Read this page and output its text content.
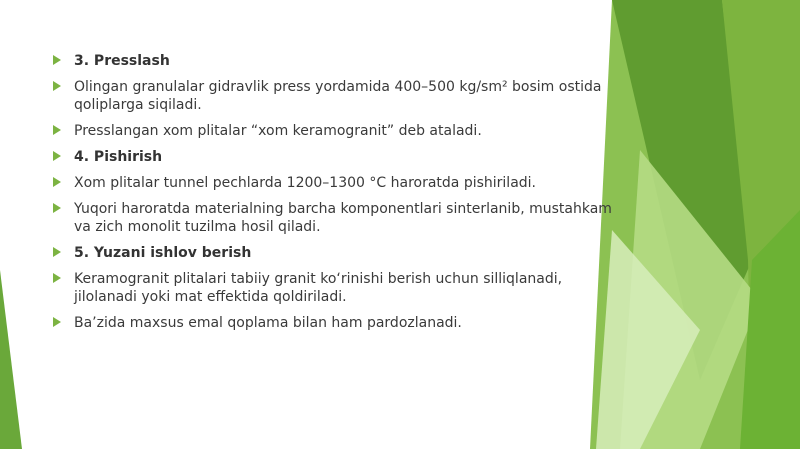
3. Presslash
Olingan granulalar gidravlik press yordamida 400–500 kg/sm² bosim ostida qoliplarga siqiladi.
Presslangan xom plitalar “xom keramogranit” deb ataladi.
4. Pishirish
Xom plitalar tunnel pechlarda 1200–1300 °C haroratda pishiriladi.
Yuqori haroratda materialning barcha komponentlari sinterlanib, mustahkam va zich monolit tuzilma hosil qiladi.
5. Yuzani ishlov berish
Keramogranit plitalari tabiiy granit ko‘rinishi berish uchun silliqlanadi, jilolanadi yoki mat effektida qoldiriladi.
Ba’zida maxsus emal qoplama bilan ham pardozlanadi.
